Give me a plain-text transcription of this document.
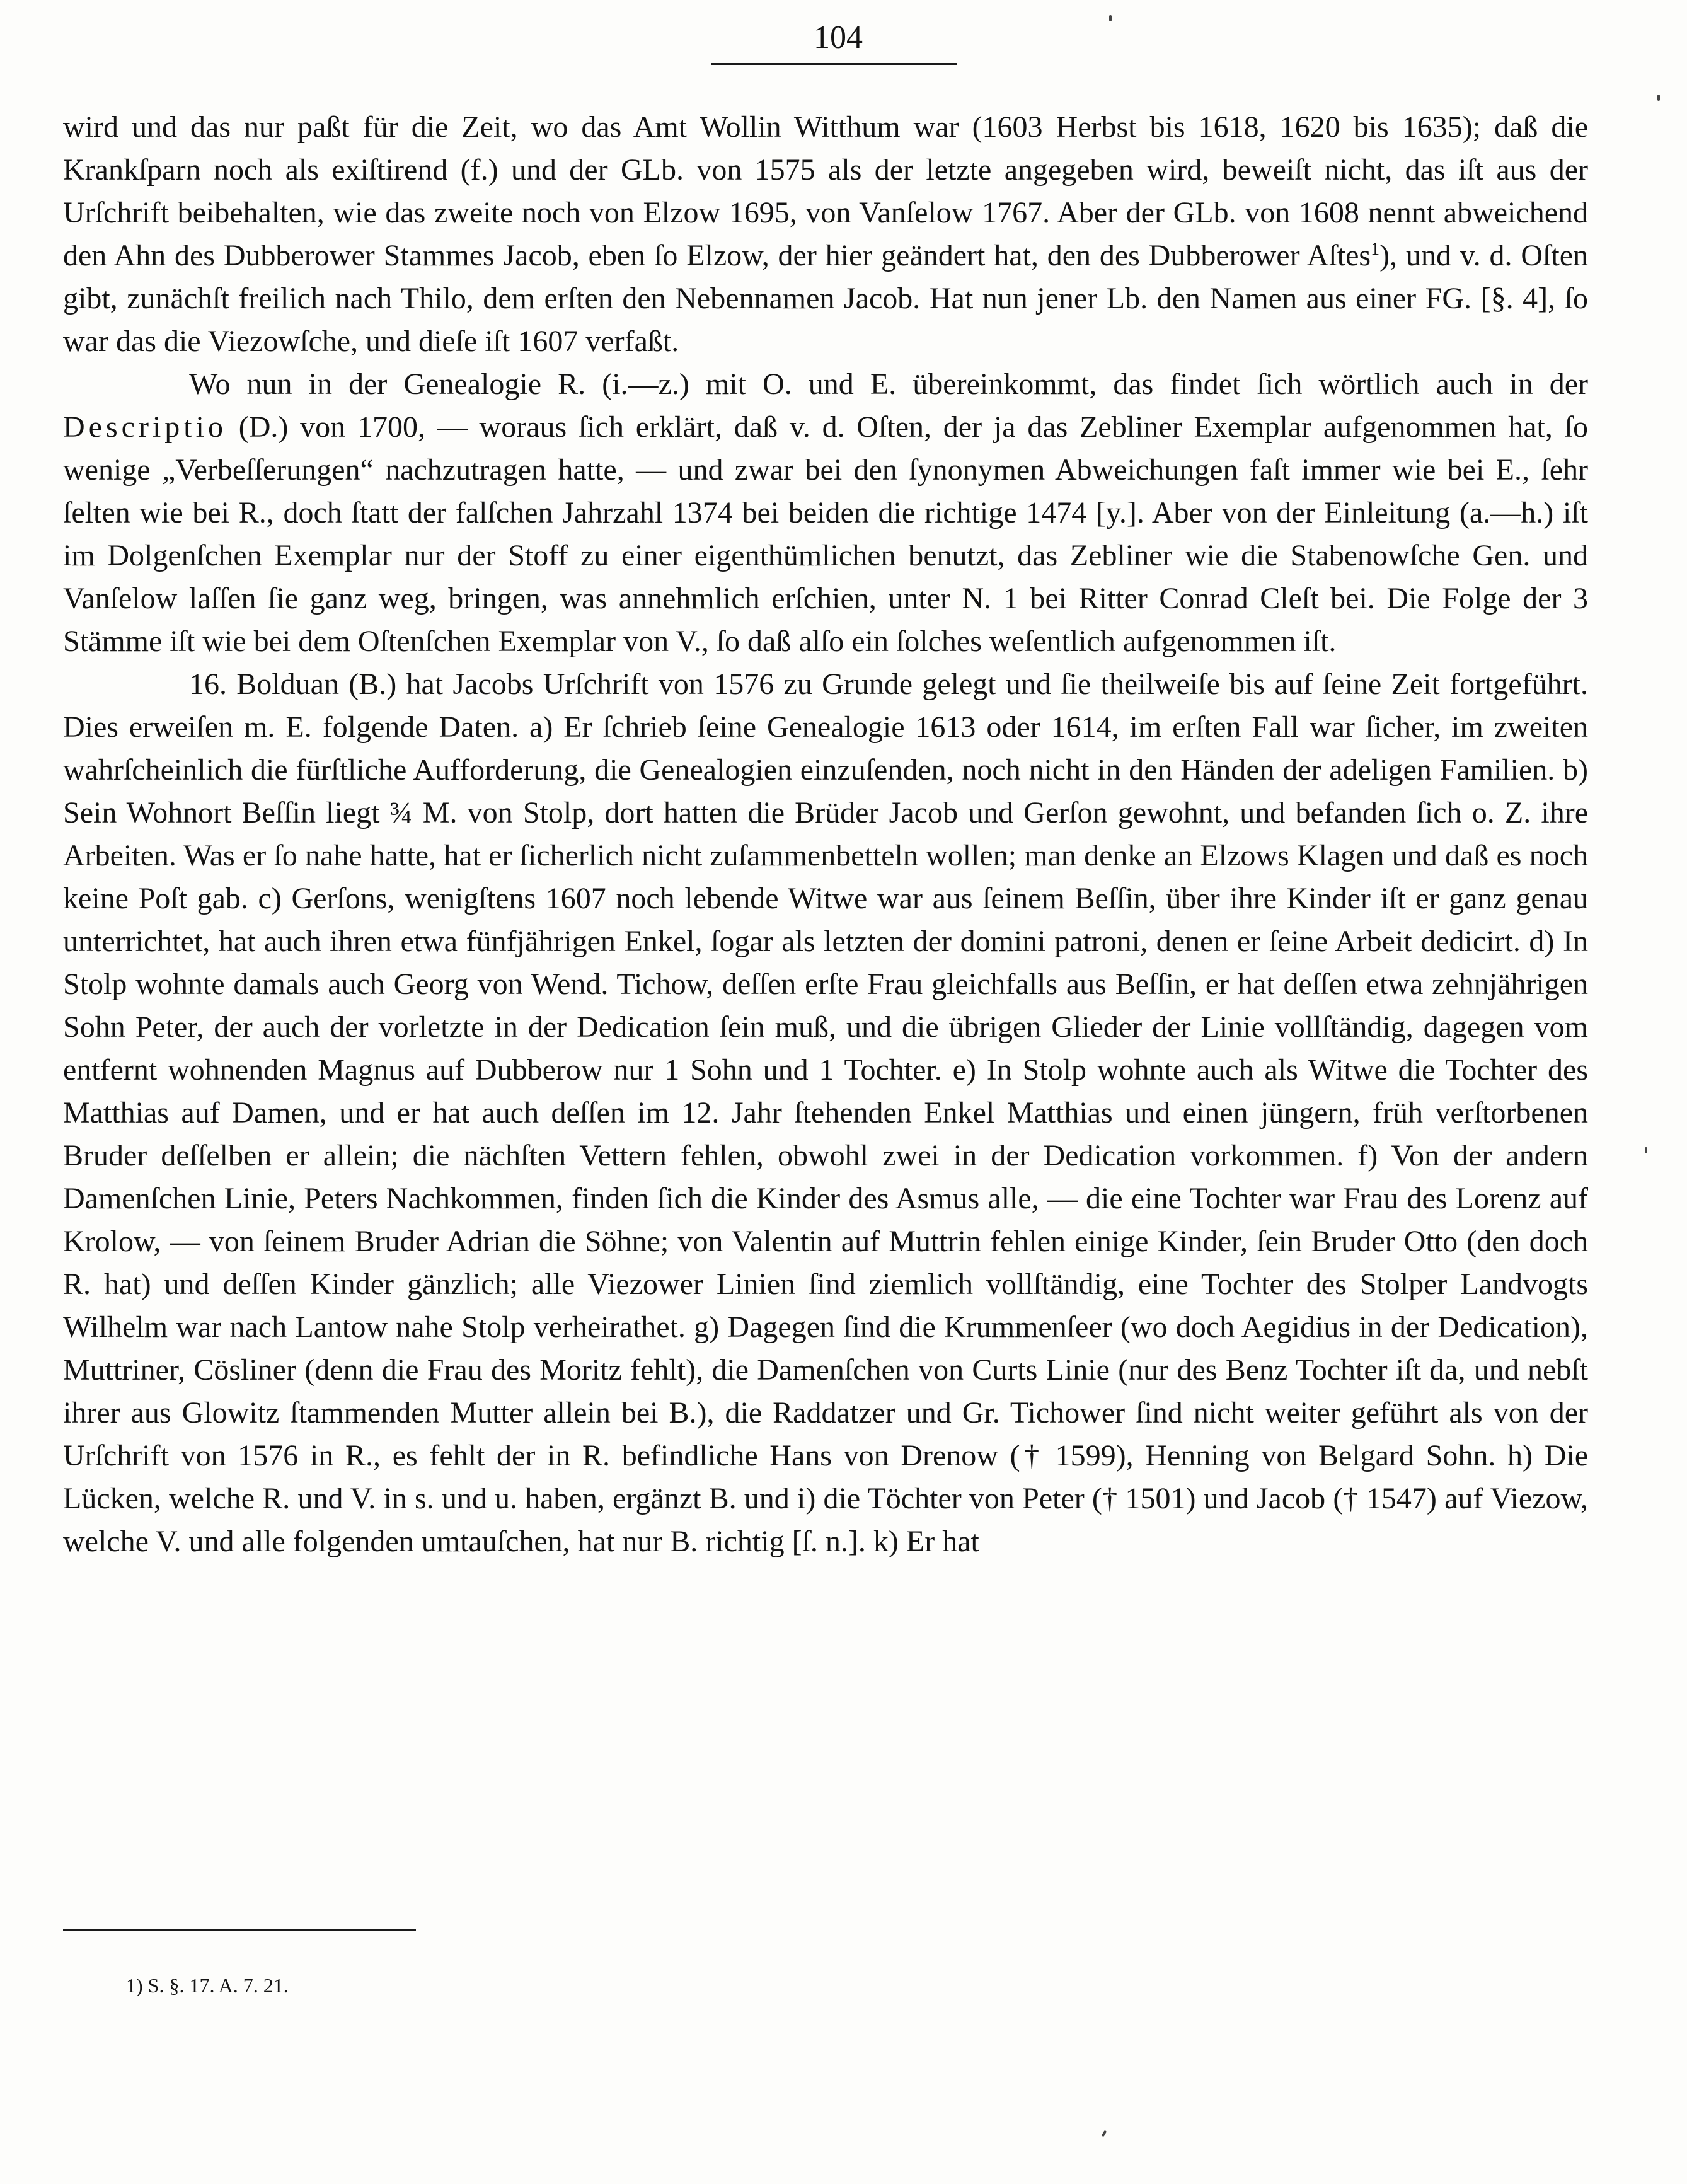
104

wird und das nur paßt für die Zeit, wo das Amt Wollin Witthum war (1603 Herbst bis 1618, 1620 bis 1635); daß die Krankſparn noch als exiſtirend (f.) und der GLb. von 1575 als der letzte angegeben wird, beweiſt nicht, das iſt aus der Urſchrift beibehalten, wie das zweite noch von Elzow 1695, von Vanſelow 1767. Aber der GLb. von 1608 nennt abweichend den Ahn des Dubberower Stammes Jacob, eben ſo Elzow, der hier geändert hat, den des Dubberower Aſtes$^1$), und v. d. Oſten gibt, zunächſt freilich nach Thilo, dem erſten den Nebennamen Jacob. Hat nun jener Lb. den Namen aus einer FG. [§. 4], ſo war das die Viezowſche, und dieſe iſt 1607 verfaßt.

Wo nun in der Genealogie R. (i.—z.) mit O. und E. übereinkommt, das findet ſich wörtlich auch in der Descriptio (D.) von 1700, — woraus ſich erklärt, daß v. d. Oſten, der ja das Zebliner Exemplar aufgenommen hat, ſo wenige „Verbeſſerungen“ nachzutragen hatte, — und zwar bei den ſynonymen Abweichungen faſt immer wie bei E., ſehr ſelten wie bei R., doch ſtatt der falſchen Jahrzahl 1374 bei beiden die richtige 1474 [y.]. Aber von der Einleitung (a.—h.) iſt im Dolgenſchen Exemplar nur der Stoff zu einer eigenthümlichen benutzt, das Zebliner wie die Stabenowſche Gen. und Vanſelow laſſen ſie ganz weg, bringen, was annehmlich erſchien, unter N. 1 bei Ritter Conrad Cleſt bei. Die Folge der 3 Stämme iſt wie bei dem Oſtenſchen Exemplar von V., ſo daß alſo ein ſolches weſentlich aufgenommen iſt.

16. Bolduan (B.) hat Jacobs Urſchrift von 1576 zu Grunde gelegt und ſie theilweiſe bis auf ſeine Zeit fortgeführt. Dies erweiſen m. E. folgende Daten. a) Er ſchrieb ſeine Genealogie 1613 oder 1614, im erſten Fall war ſicher, im zweiten wahrſcheinlich die fürſtliche Aufforderung, die Genealogien einzuſenden, noch nicht in den Händen der adeligen Familien. b) Sein Wohnort Beſſin liegt ¾ M. von Stolp, dort hatten die Brüder Jacob und Gerſon gewohnt, und befanden ſich o. Z. ihre Arbeiten. Was er ſo nahe hatte, hat er ſicherlich nicht zuſammenbetteln wollen; man denke an Elzows Klagen und daß es noch keine Poſt gab. c) Gerſons, wenigſtens 1607 noch lebende Witwe war aus ſeinem Beſſin, über ihre Kinder iſt er ganz genau unterrichtet, hat auch ihren etwa fünfjährigen Enkel, ſogar als letzten der domini patroni, denen er ſeine Arbeit dedicirt. d) In Stolp wohnte damals auch Georg von Wend. Tichow, deſſen erſte Frau gleichfalls aus Beſſin, er hat deſſen etwa zehnjährigen Sohn Peter, der auch der vorletzte in der Dedication ſein muß, und die übrigen Glieder der Linie vollſtändig, dagegen vom entfernt wohnenden Magnus auf Dubberow nur 1 Sohn und 1 Tochter. e) In Stolp wohnte auch als Witwe die Tochter des Matthias auf Damen, und er hat auch deſſen im 12. Jahr ſtehenden Enkel Matthias und einen jüngern, früh verſtorbenen Bruder deſſelben er allein; die nächſten Vettern fehlen, obwohl zwei in der Dedication vorkommen. f) Von der andern Damenſchen Linie, Peters Nachkommen, finden ſich die Kinder des Asmus alle, — die eine Tochter war Frau des Lorenz auf Krolow, — von ſeinem Bruder Adrian die Söhne; von Valentin auf Muttrin fehlen einige Kinder, ſein Bruder Otto (den doch R. hat) und deſſen Kinder gänzlich; alle Viezower Linien ſind ziemlich vollſtändig, eine Tochter des Stolper Landvogts Wilhelm war nach Lantow nahe Stolp verheirathet. g) Dagegen ſind die Krummenſeer (wo doch Aegidius in der Dedication), Muttriner, Cösliner (denn die Frau des Moritz fehlt), die Damenſchen von Curts Linie (nur des Benz Tochter iſt da, und nebſt ihrer aus Glowitz ſtammenden Mutter allein bei B.), die Raddatzer und Gr. Tichower ſind nicht weiter geführt als von der Urſchrift von 1576 in R., es fehlt der in R. befindliche Hans von Drenow († 1599), Henning von Belgard Sohn. h) Die Lücken, welche R. und V. in s. und u. haben, ergänzt B. und i) die Töchter von Peter († 1501) und Jacob († 1547) auf Viezow, welche V. und alle folgenden umtauſchen, hat nur B. richtig [ſ. n.]. k) Er hat

1) S. §. 17. A. 7. 21.
